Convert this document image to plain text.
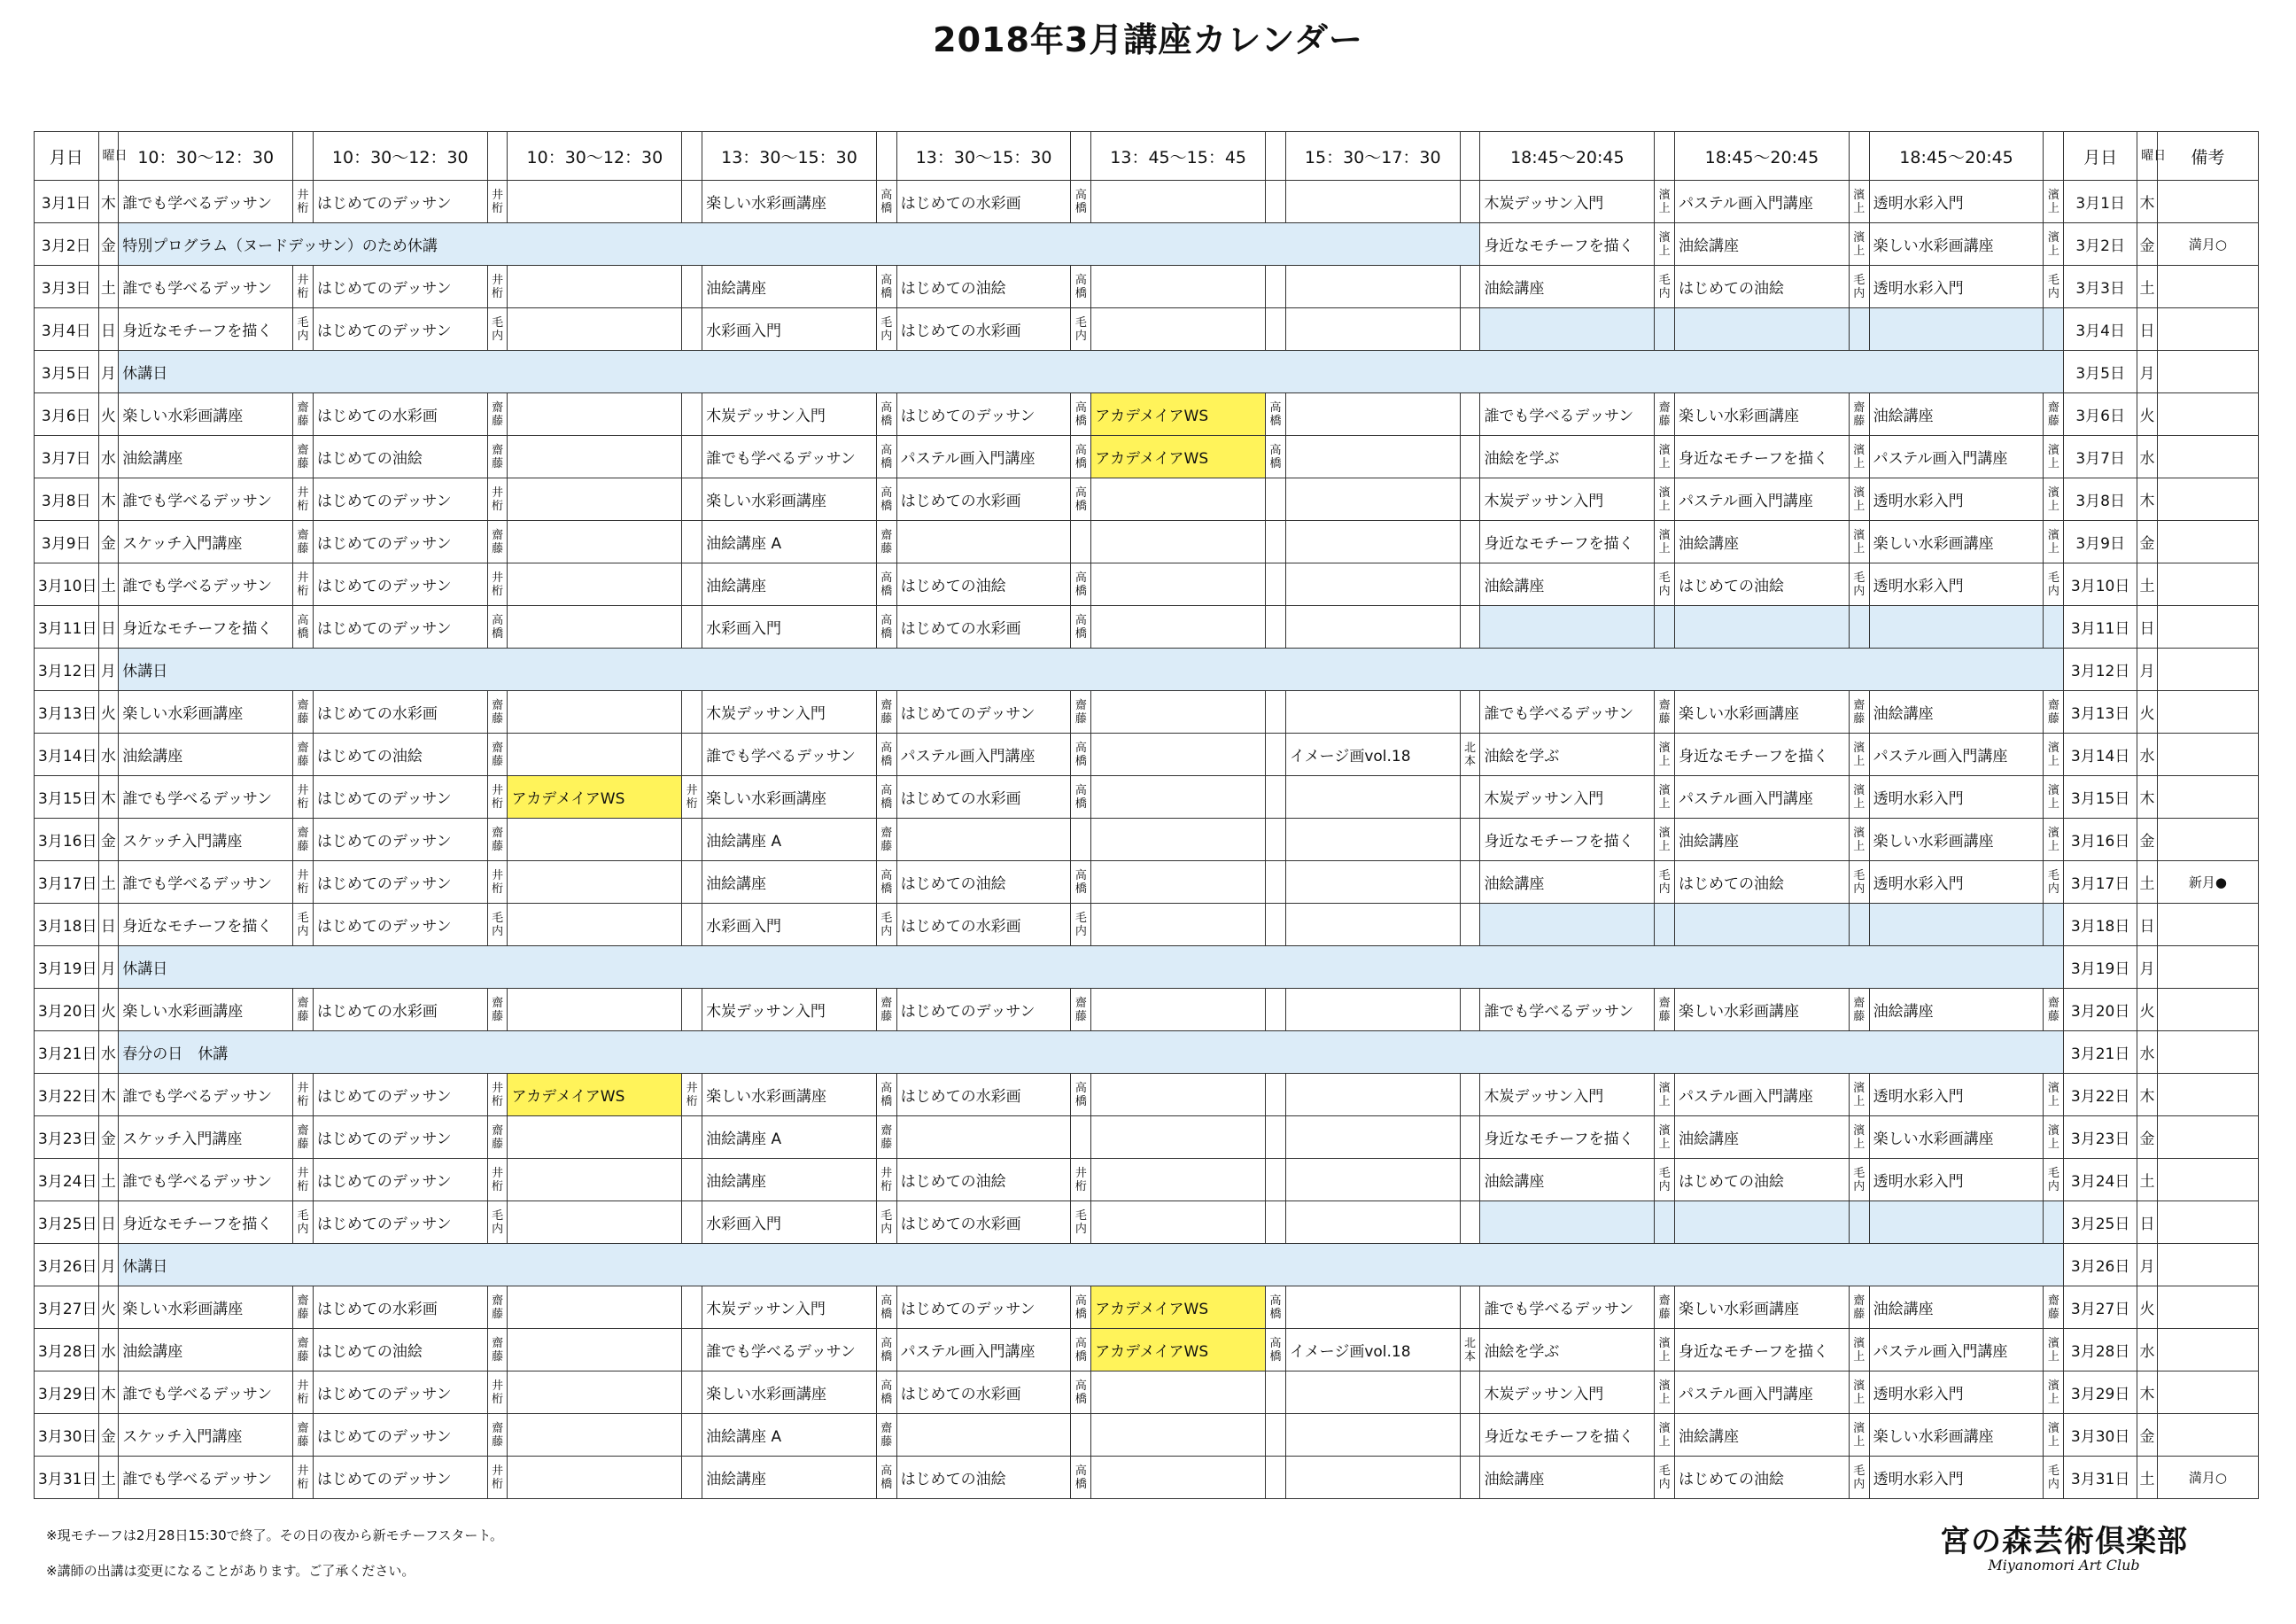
2018年3月講座カレンダー
月日	曜日	10：30〜12：30		10：30〜12：30		10：30〜12：30		13：30〜15：30		13：30〜15：30		13：45〜15：45		15：30〜17：30		18:45〜20:45		18:45〜20:45		18:45〜20:45		月日	曜日	備考
3月1日	木	誰でも学べるデッサン	井桁	はじめてのデッサン	井桁			楽しい水彩画講座	高橋	はじめての水彩画	高橋					木炭デッサン入門	濱上	パステル画入門講座	濱上	透明水彩入門	濱上	3月1日	木	
3月2日	金	特別プログラム（ヌードデッサン）のため休講														身近なモチーフを描く	濱上	油絵講座	濱上	楽しい水彩画講座	濱上	3月2日	金	満月○
3月3日	土	誰でも学べるデッサン	井桁	はじめてのデッサン	井桁			油絵講座	高橋	はじめての油絵	高橋					油絵講座	毛内	はじめての油絵	毛内	透明水彩入門	毛内	3月3日	土	
3月4日	日	身近なモチーフを描く	毛内	はじめてのデッサン	毛内			水彩画入門	毛内	はじめての水彩画	毛内											3月4日	日	
3月5日	月	休講日																				3月5日	月	
3月6日	火	楽しい水彩画講座	齋藤	はじめての水彩画	齋藤			木炭デッサン入門	高橋	はじめてのデッサン	高橋	アカデメイアWS	高橋			誰でも学べるデッサン	齋藤	楽しい水彩画講座	齋藤	油絵講座	齋藤	3月6日	火	
3月7日	水	油絵講座	齋藤	はじめての油絵	齋藤			誰でも学べるデッサン	高橋	パステル画入門講座	高橋	アカデメイアWS	高橋			油絵を学ぶ	濱上	身近なモチーフを描く	濱上	パステル画入門講座	濱上	3月7日	水	
3月8日	木	誰でも学べるデッサン	井桁	はじめてのデッサン	井桁			楽しい水彩画講座	高橋	はじめての水彩画	高橋					木炭デッサン入門	濱上	パステル画入門講座	濱上	透明水彩入門	濱上	3月8日	木	
3月9日	金	スケッチ入門講座	齋藤	はじめてのデッサン	齋藤			油絵講座 A	齋藤							身近なモチーフを描く	濱上	油絵講座	濱上	楽しい水彩画講座	濱上	3月9日	金	
3月10日	土	誰でも学べるデッサン	井桁	はじめてのデッサン	井桁			油絵講座	高橋	はじめての油絵	高橋					油絵講座	毛内	はじめての油絵	毛内	透明水彩入門	毛内	3月10日	土	
3月11日	日	身近なモチーフを描く	高橋	はじめてのデッサン	高橋			水彩画入門	高橋	はじめての水彩画	高橋											3月11日	日	
3月12日	月	休講日																				3月12日	月	
3月13日	火	楽しい水彩画講座	齋藤	はじめての水彩画	齋藤			木炭デッサン入門	齋藤	はじめてのデッサン	齋藤					誰でも学べるデッサン	齋藤	楽しい水彩画講座	齋藤	油絵講座	齋藤	3月13日	火	
3月14日	水	油絵講座	齋藤	はじめての油絵	齋藤			誰でも学べるデッサン	高橋	パステル画入門講座	高橋			イメージ画vol.18	北本	油絵を学ぶ	濱上	身近なモチーフを描く	濱上	パステル画入門講座	濱上	3月14日	水	
3月15日	木	誰でも学べるデッサン	井桁	はじめてのデッサン	井桁	アカデメイアWS	井桁	楽しい水彩画講座	高橋	はじめての水彩画	高橋					木炭デッサン入門	濱上	パステル画入門講座	濱上	透明水彩入門	濱上	3月15日	木	
3月16日	金	スケッチ入門講座	齋藤	はじめてのデッサン	齋藤			油絵講座 A	齋藤							身近なモチーフを描く	濱上	油絵講座	濱上	楽しい水彩画講座	濱上	3月16日	金	
3月17日	土	誰でも学べるデッサン	井桁	はじめてのデッサン	井桁			油絵講座	高橋	はじめての油絵	高橋					油絵講座	毛内	はじめての油絵	毛内	透明水彩入門	毛内	3月17日	土	新月●
3月18日	日	身近なモチーフを描く	毛内	はじめてのデッサン	毛内			水彩画入門	毛内	はじめての水彩画	毛内											3月18日	日	
3月19日	月	休講日																				3月19日	月	
3月20日	火	楽しい水彩画講座	齋藤	はじめての水彩画	齋藤			木炭デッサン入門	齋藤	はじめてのデッサン	齋藤					誰でも学べるデッサン	齋藤	楽しい水彩画講座	齋藤	油絵講座	齋藤	3月20日	火	
3月21日	水	春分の日　休講																				3月21日	水	
3月22日	木	誰でも学べるデッサン	井桁	はじめてのデッサン	井桁	アカデメイアWS	井桁	楽しい水彩画講座	高橋	はじめての水彩画	高橋					木炭デッサン入門	濱上	パステル画入門講座	濱上	透明水彩入門	濱上	3月22日	木	
3月23日	金	スケッチ入門講座	齋藤	はじめてのデッサン	齋藤			油絵講座 A	齋藤							身近なモチーフを描く	濱上	油絵講座	濱上	楽しい水彩画講座	濱上	3月23日	金	
3月24日	土	誰でも学べるデッサン	井桁	はじめてのデッサン	井桁			油絵講座	井桁	はじめての油絵	井桁					油絵講座	毛内	はじめての油絵	毛内	透明水彩入門	毛内	3月24日	土	
3月25日	日	身近なモチーフを描く	毛内	はじめてのデッサン	毛内			水彩画入門	毛内	はじめての水彩画	毛内											3月25日	日	
3月26日	月	休講日																				3月26日	月	
3月27日	火	楽しい水彩画講座	齋藤	はじめての水彩画	齋藤			木炭デッサン入門	高橋	はじめてのデッサン	高橋	アカデメイアWS	高橋			誰でも学べるデッサン	齋藤	楽しい水彩画講座	齋藤	油絵講座	齋藤	3月27日	火	
3月28日	水	油絵講座	齋藤	はじめての油絵	齋藤			誰でも学べるデッサン	高橋	パステル画入門講座	高橋	アカデメイアWS	高橋	イメージ画vol.18	北本	油絵を学ぶ	濱上	身近なモチーフを描く	濱上	パステル画入門講座	濱上	3月28日	水	
3月29日	木	誰でも学べるデッサン	井桁	はじめてのデッサン	井桁			楽しい水彩画講座	高橋	はじめての水彩画	高橋					木炭デッサン入門	濱上	パステル画入門講座	濱上	透明水彩入門	濱上	3月29日	木	
3月30日	金	スケッチ入門講座	齋藤	はじめてのデッサン	齋藤			油絵講座 A	齋藤							身近なモチーフを描く	濱上	油絵講座	濱上	楽しい水彩画講座	濱上	3月30日	金	
3月31日	土	誰でも学べるデッサン	井桁	はじめてのデッサン	井桁			油絵講座	高橋	はじめての油絵	高橋					油絵講座	毛内	はじめての油絵	毛内	透明水彩入門	毛内	3月31日	土	満月○
※現モチーフは2月28日15:30で終了。その日の夜から新モチーフスタート。
※講師の出講は変更になることがあります。ご了承ください。
宮の森芸術倶楽部
Miyanomori Art Club
